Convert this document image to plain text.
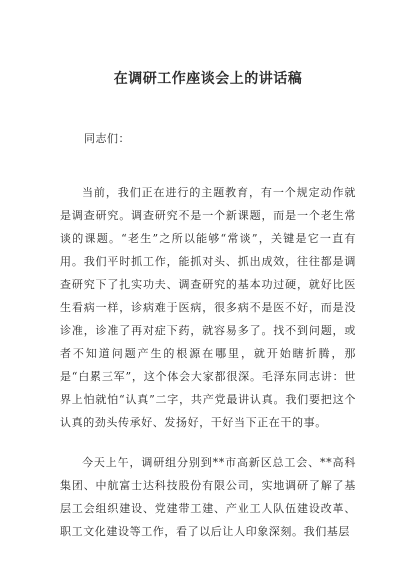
在调研工作座谈会上的讲话稿
同志们：

当前，我们正在进行的主题教育，有一个规定动作就是调查研究。调查研究不是一个新课题，而是一个老生常谈的课题。“老生”之所以能够“常谈”，关键是它一直有用。我们平时抓工作，能抓对头、抓出成效，往往都是调查研究下了扎实功夫、调查研究的基本功过硬，就好比医生看病一样，诊病难于医病，很多病不是医不好，而是没诊准，诊准了再对症下药，就容易多了。找不到问题，或者不知道问题产生的根源在哪里，就开始瞎折腾，那是“白累三军”，这个体会大家都很深。毛泽东同志讲：世界上怕就怕“认真”二字，共产党最讲认真。我们要把这个认真的劲头传承好、发扬好，干好当下正在干的事。

今天上午，调研组分别到**市高新区总工会、**高科集团、中航富士达科技股份有限公司，实地调研了解了基层工会组织建设、党建带工建、产业工人队伍建设改革、职工文化建设等工作，看了以后让人印象深刻。我们基层
